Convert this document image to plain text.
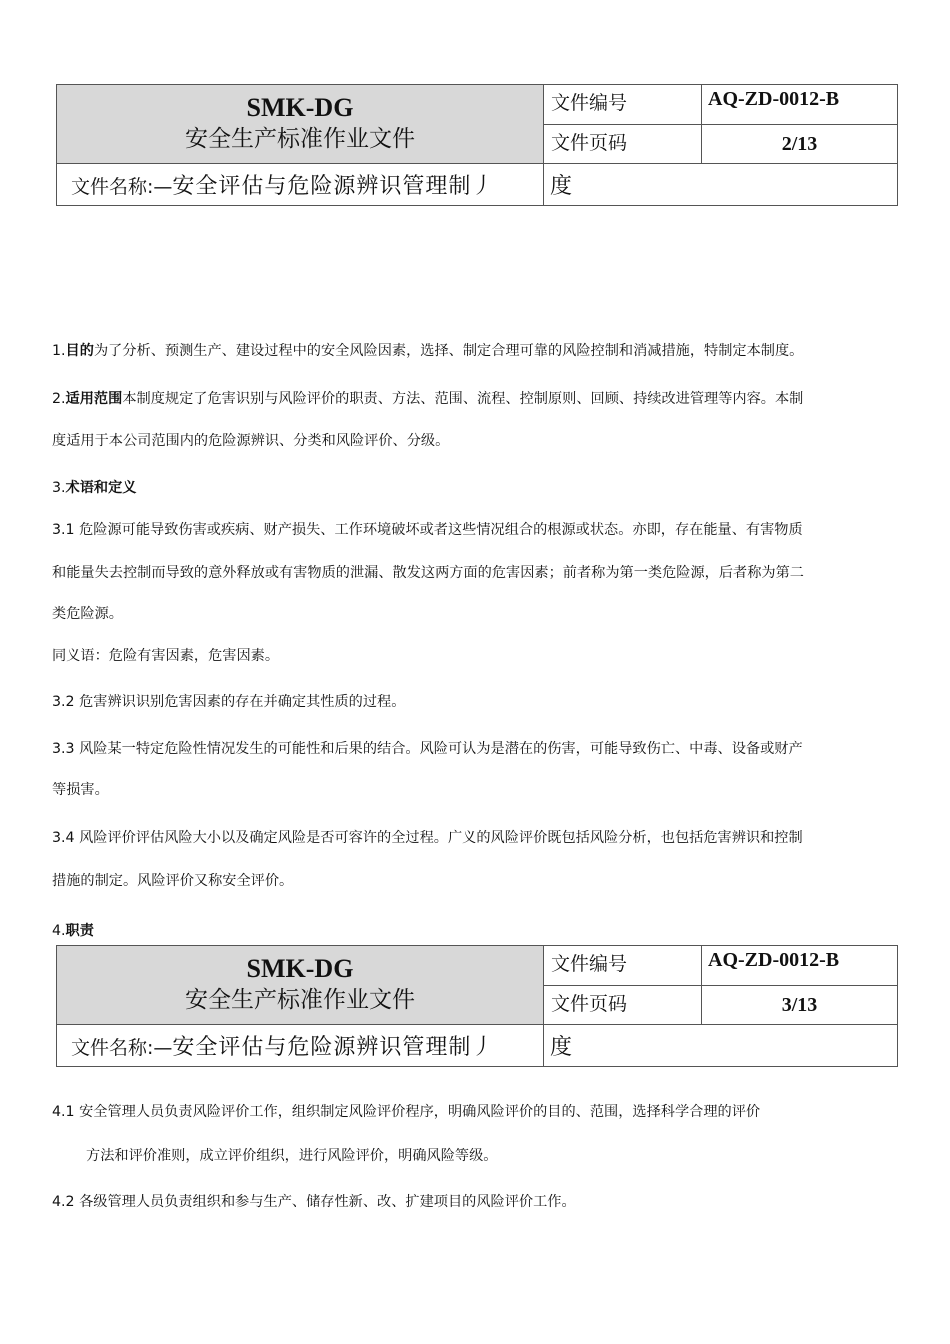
SMK-DG
安全生产标准作业文件	文件编号	AQ-ZD-0012-B
	文件页码	2/13
文件名称:—安全评估与危险源辨识管理制丿	度	
1.目的为了分析、预测生产、建设过程中的安全风险因素，选择、制定合理可靠的风险控制和消减措施，特制定本制度。
2.适用范围本制度规定了危害识别与风险评价的职责、方法、范围、流程、控制原则、回顾、持续改进管理等内容。本制
度适用于本公司范围内的危险源辨识、分类和风险评价、分级。
3.术语和定义
3.1 危险源可能导致伤害或疾病、财产损失、工作环境破坏或者这些情况组合的根源或状态。亦即，存在能量、有害物质
和能量失去控制而导致的意外释放或有害物质的泄漏、散发这两方面的危害因素；前者称为第一类危险源，后者称为第二
类危险源。
同义语：危险有害因素，危害因素。
3.2 危害辨识识别危害因素的存在并确定其性质的过程。
3.3 风险某一特定危险性情况发生的可能性和后果的结合。风险可认为是潜在的伤害，可能导致伤亡、中毒、设备或财产
等损害。
3.4 风险评价评估风险大小以及确定风险是否可容许的全过程。广义的风险评价既包括风险分析，也包括危害辨识和控制
措施的制定。风险评价又称安全评价。
4.职责
SMK-DG
安全生产标准作业文件	文件编号	AQ-ZD-0012-B
	文件页码	3/13
文件名称:—安全评估与危险源辨识管理制丿	度	
4.1 安全管理人员负责风险评价工作，组织制定风险评价程序，明确风险评价的目的、范围，选择科学合理的评价
方法和评价准则，成立评价组织，进行风险评价，明确风险等级。
4.2 各级管理人员负责组织和参与生产、储存性新、改、扩建项目的风险评价工作。
